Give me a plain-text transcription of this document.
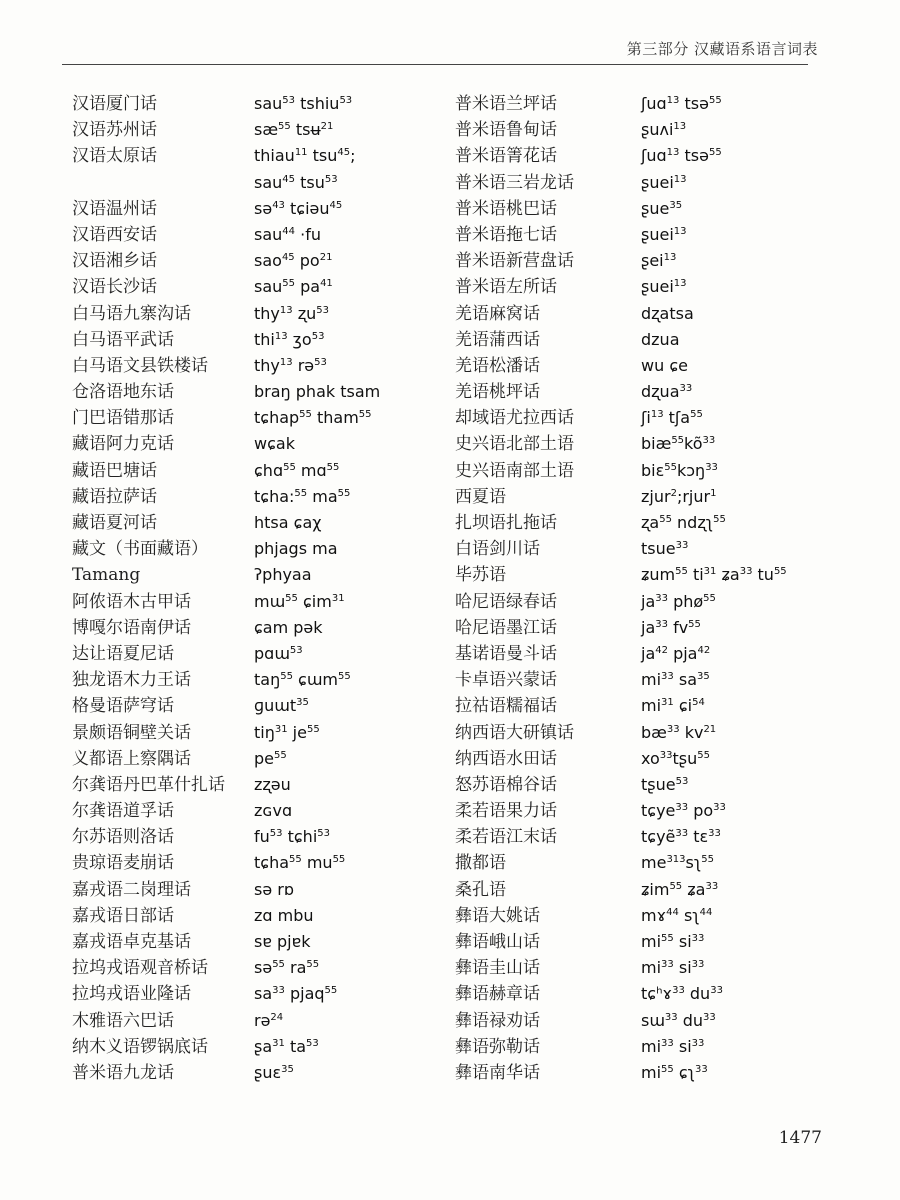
第三部分 汉藏语系语言词表
汉语厦门话	sau$^{53}$ tshiu$^{53}$
汉语苏州话	$sæ^{55}$ tsʉ$^{21}$
汉语太原话	thiau$^{11}$ tsu$^{45}$;
sau$^{45}$ tsu$^{53}$
汉语温州话	sə$^{43}$ tɕiəu$^{45}$
汉语西安话	sau$^{44}$ ·fu
汉语湘乡话	sao$^{45}$ $po^{21}$
汉语长沙话	sau$^{55}$ $pa^{41}$
白马语九寨沟话	thy$^{13}$ ʐu$^{53}$
白马语平武话	thi$^{13}$ ʒo$^{53}$
白马语文县铁楼话	thy$^{13}$ rə$^{53}$
仓洛语地东话	braŋ phak tsam
门巴语错那话	tɕhap$^{55}$ tham$^{55}$
藏语阿力克话	wɕak
藏语巴塘话	ɕhɑ$^{55}$ mɑ$^{55}$
藏语拉萨话	tɕha:$^{55}$ $ma^{55}$
藏语夏河话	htsa ɕaχ
藏文（书面藏语）	phjags ma
Tamang	ʔphyaa
阿侬语木古甲话	mɯ$^{55}$ ɕim$^{31}$
博嘎尔语南伊话	ɕam pək
达让语夏尼话	pɑɯ$^{53}$
独龙语木力王话	taŋ$^{55}$ ɕɯm$^{55}$
格曼语萨穹话	ɡuɯt$^{35}$
景颇语铜壁关话	tiŋ$^{31}$ $je^{55}$
义都语上察隅话	$pe^{55}$
尔龚语丹巴革什扎话	zʐəu
尔龚语道孚话	zɢvɑ
尔苏语则洛话	$fu^{53}$ tɕhi$^{53}$
贵琼语麦崩话	tɕha$^{55}$ $mu^{55}$
嘉戎语二岗理话	sə rɒ
嘉戎语日部话	zɑ mbu
嘉戎语卓克基话	sɐ pjɐk
拉坞戎语观音桥话	sə$^{55}$ $ra^{55}$
拉坞戎语业隆话	$sa^{33}$ pjaq$^{55}$
木雅语六巴话	rə$^{24}$
纳木义语锣锅底话	ʂa$^{31}$ $ta^{53}$
普米语九龙话	ʂuɛ$^{35}$
普米语兰坪话	ʃuɑ$^{13}$ tsə$^{55}$
普米语鲁甸话	ʂuʌi$^{13}$
普米语箐花话	ʃuɑ$^{13}$ tsə$^{55}$
普米语三岩龙话	ʂuei$^{13}$
普米语桃巴话	ʂue$^{35}$
普米语拖七话	ʂuei$^{13}$
普米语新营盘话	ʂei$^{13}$
普米语左所话	ʂuei$^{13}$
羌语麻窝话	dʐatsa
羌语蒲西话	dzua
羌语松潘话	wu ɕe
羌语桃坪话	dʐua$^{33}$
却域语尤拉西话	ʃi$^{13}$ tʃa$^{55}$
史兴语北部土语	$biæ^{55}kõ^{33}$
史兴语南部土语	biɛ$^{55}$kɔŋ$^{33}$
西夏语	zjur$^2$;rjur$^1$
扎坝语扎拖话	ʐa$^{55}$ ndʐʅ$^{55}$
白语剑川话	tsue$^{33}$
毕苏语	ʑum$^{55}$ $ti^{31}$ ʑa$^{33}$ $tu^{55}$
哈尼语绿春话	$ja^{33}$ phø$^{55}$
哈尼语墨江话	$ja^{33}$ $fv^{55}$
基诺语曼斗话	$ja^{42}$ pja$^{42}$
卡卓语兴蒙话	$mi^{33}$ $sa^{35}$
拉祜语糯福话	$mi^{31}$ ɕi$^{54}$
纳西语大研镇话	$bæ^{33}$ $kv^{21}$
纳西语水田话	$xo^{33}tʂu^{55}$
怒苏语棉谷话	tʂue$^{53}$
柔若语果力话	tɕye$^{33}$ $po^{33}$
柔若语江末话	tɕyẽ$^{33}$ tɛ$^{33}$
撒都语	$me^{313}sʅ^{55}$
桑孔语	ʑim$^{55}$ ʑa$^{33}$
彝语大姚话	mɤ$^{44}$ sʅ$^{44}$
彝语峨山话	$mi^{55}$ $si^{33}$
彝语圭山话	$mi^{33}$ $si^{33}$
彝语赫章话	tɕʰɤ$^{33}$ $du^{33}$
彝语禄劝话	sɯ$^{33}$ $du^{33}$
彝语弥勒话	$mi^{33}$ $si^{33}$
彝语南华话	$mi^{55}$ ɕʅ$^{33}$
1477
